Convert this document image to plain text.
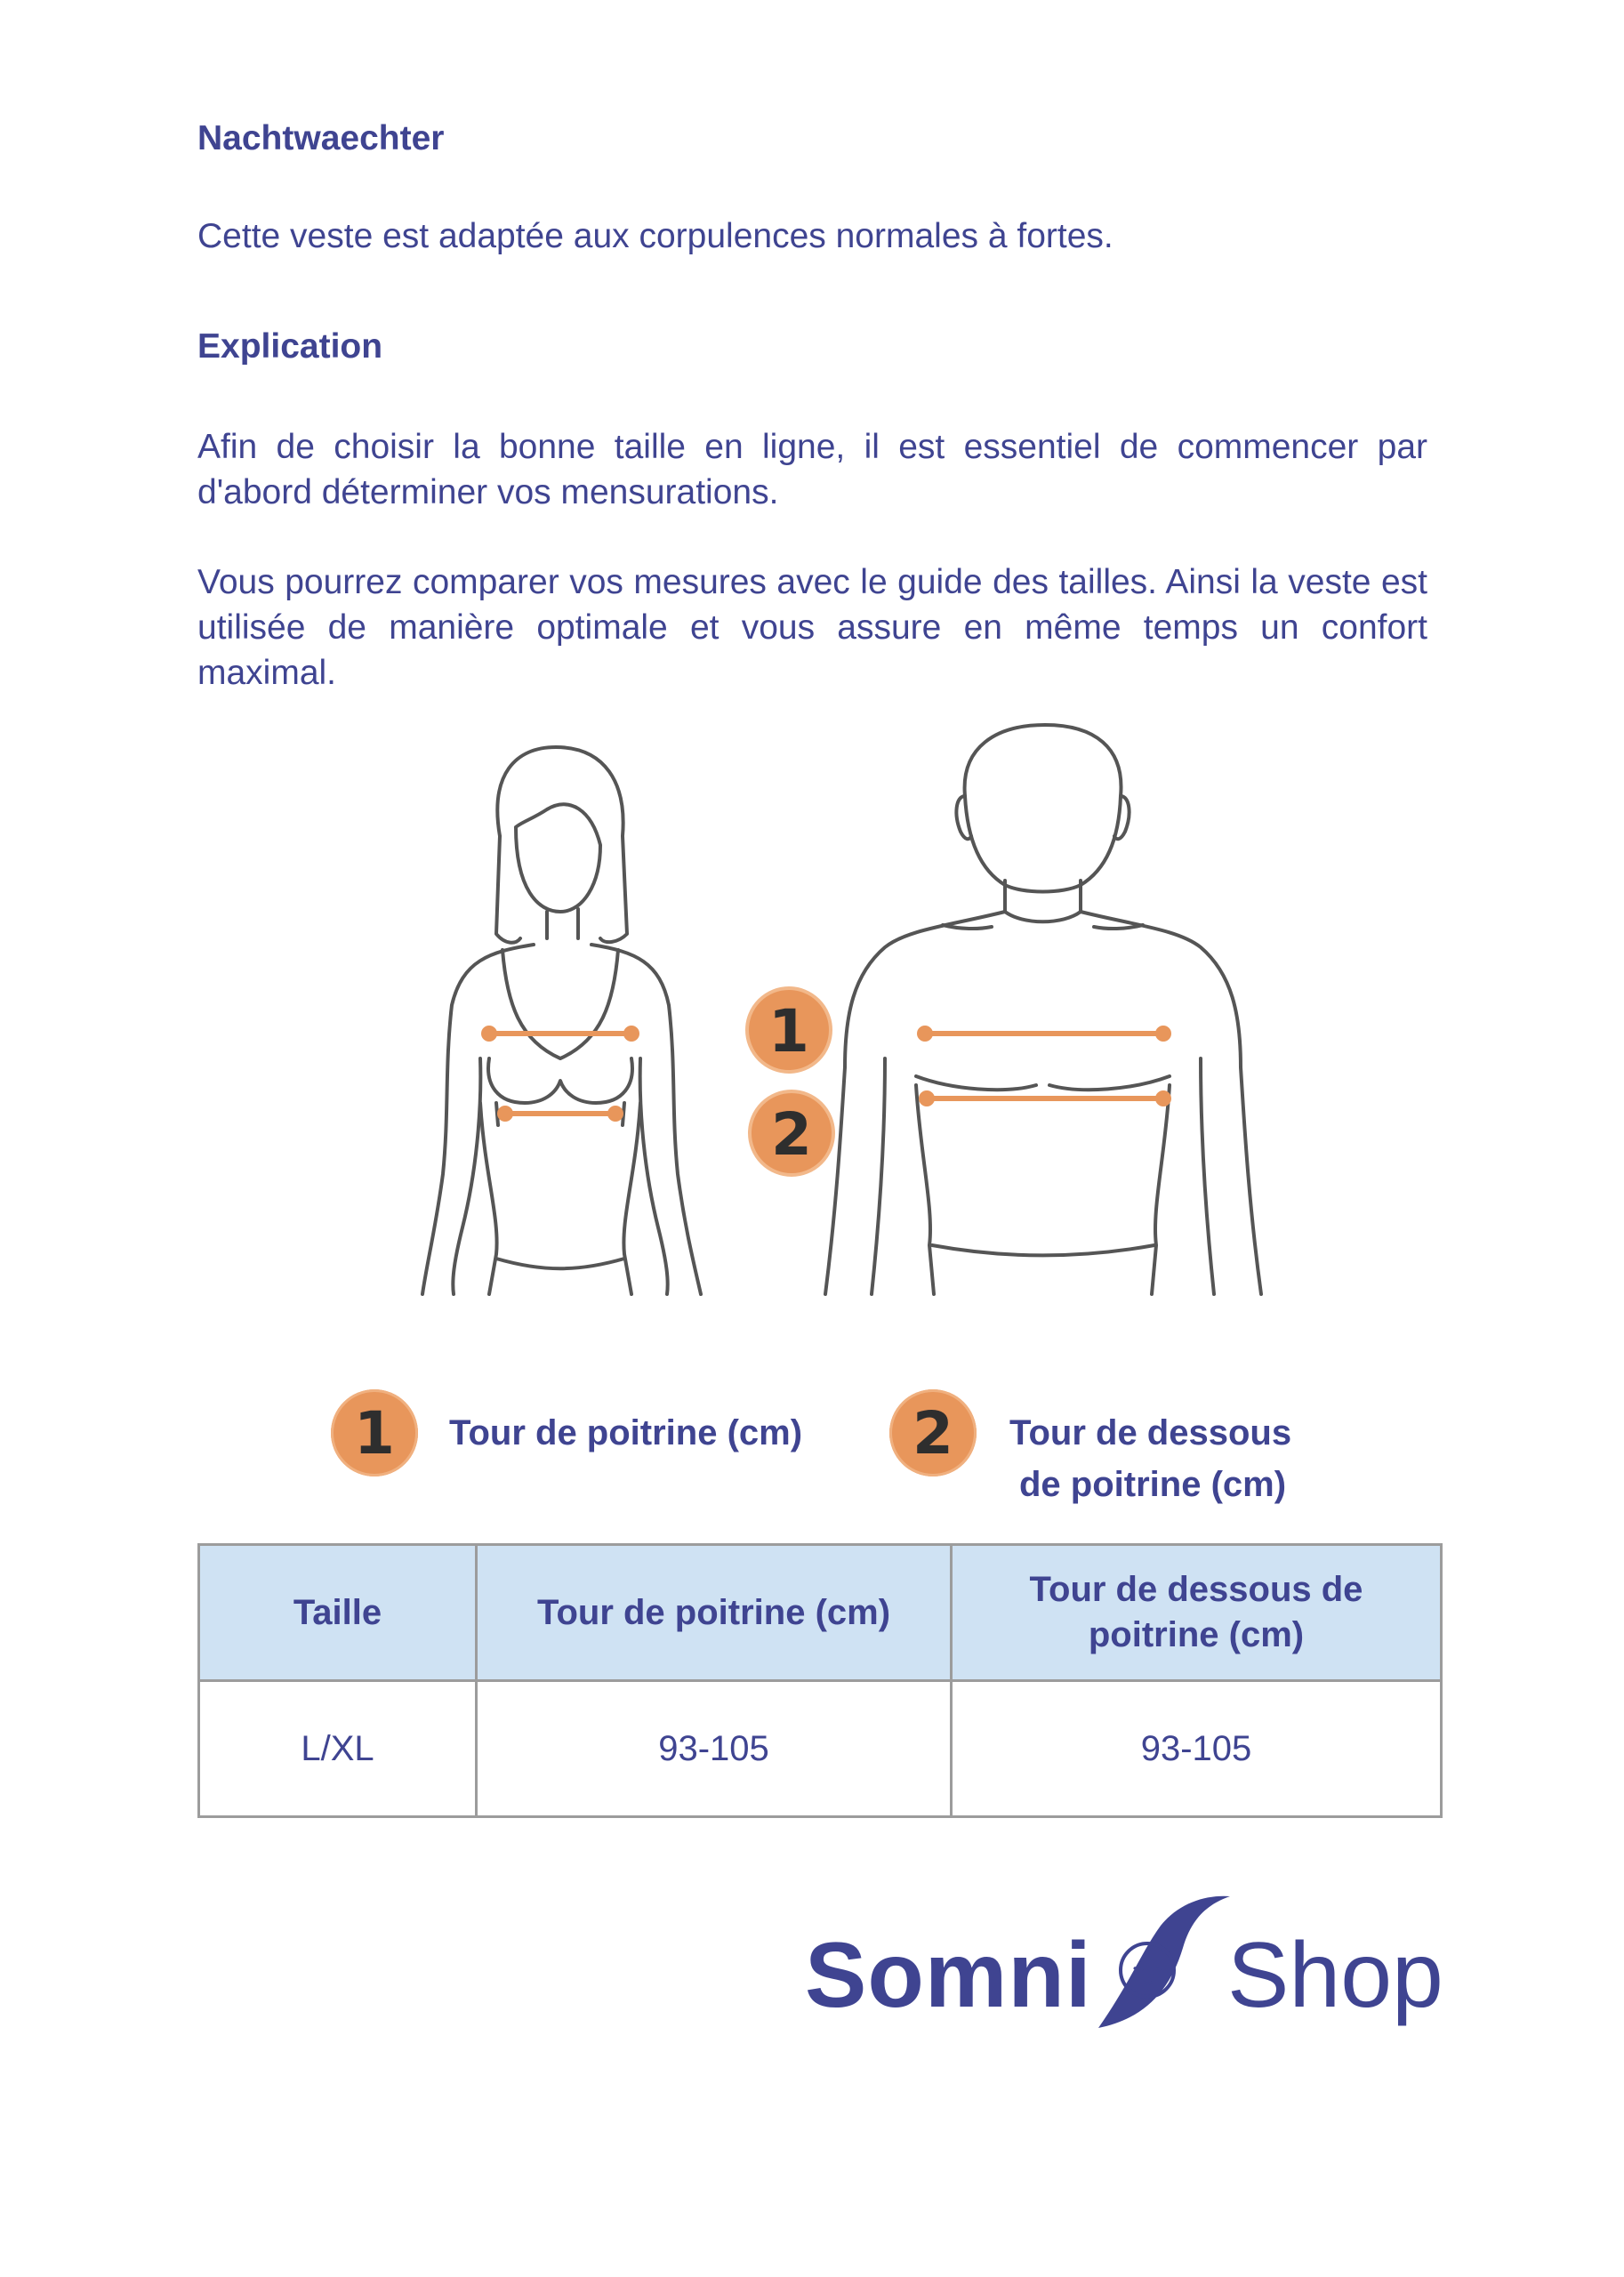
Nachtwaechter

Cette veste est adaptée aux corpulences normales à fortes.

Explication

Afin de choisir la bonne taille en ligne, il est essentiel de commencer par d'abord déterminer vos mensurations.

Vous pourrez comparer vos mesures avec le guide des tailles. Ainsi la veste est utilisée de manière optimale et vous assure en même temps un confort maximal.

1
2
1	Tour de poitrine (cm)	2	Tour de dessous
de poitrine (cm)
Taille	Tour de poitrine (cm)	Tour de dessous de poitrine (cm)
L/XL	93-105	93-105
Somni Shop
